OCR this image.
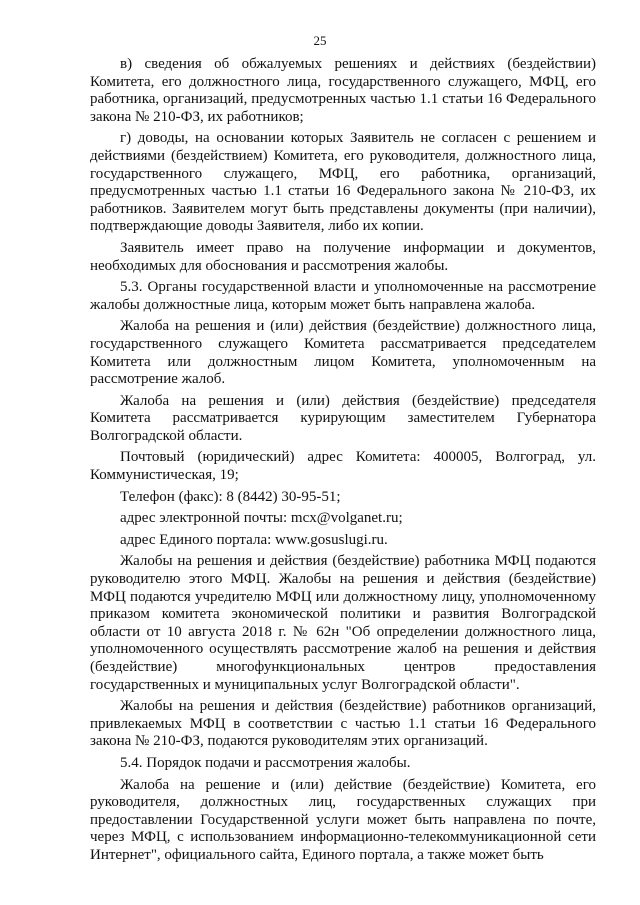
25

в) сведения об обжалуемых решениях и действиях (бездействии) Комитета, его должностного лица, государственного служащего, МФЦ, его работника, организаций, предусмотренных частью 1.1 статьи 16 Федерального закона № 210-ФЗ, их работников;

г) доводы, на основании которых Заявитель не согласен с решением и действиями (бездействием) Комитета, его руководителя, должностного лица, государственного служащего, МФЦ, его работника, организаций, предусмотренных частью 1.1 статьи 16 Федерального закона № 210-ФЗ, их работников. Заявителем могут быть представлены документы (при наличии), подтверждающие доводы Заявителя, либо их копии.

Заявитель имеет право на получение информации и документов, необходимых для обоснования и рассмотрения жалобы.

5.3. Органы государственной власти и уполномоченные на рассмотрение жалобы должностные лица, которым может быть направлена жалоба.

Жалоба на решения и (или) действия (бездействие) должностного лица, государственного служащего Комитета рассматривается председателем Комитета или должностным лицом Комитета, уполномоченным на рассмотрение жалоб.

Жалоба на решения и (или) действия (бездействие) председателя Комитета рассматривается курирующим заместителем Губернатора Волгоградской области.

Почтовый (юридический) адрес Комитета: 400005, Волгоград, ул. Коммунистическая, 19;

Телефон (факс): 8 (8442) 30-95-51;

адрес электронной почты: mcx@volganet.ru;

адрес Единого портала: www.gosuslugi.ru.

Жалобы на решения и действия (бездействие) работника МФЦ подаются руководителю этого МФЦ. Жалобы на решения и действия (бездействие) МФЦ подаются учредителю МФЦ или должностному лицу, уполномоченному приказом комитета экономической политики и развития Волгоградской области от 10 августа 2018 г. № 62н "Об определении должностного лица, уполномоченного осуществлять рассмотрение жалоб на решения и действия (бездействие) многофункциональных центров предоставления государственных и муниципальных услуг Волгоградской области".

Жалобы на решения и действия (бездействие) работников организаций, привлекаемых МФЦ в соответствии с частью 1.1 статьи 16 Федерального закона № 210-ФЗ, подаются руководителям этих организаций.

5.4. Порядок подачи и рассмотрения жалобы.

Жалоба на решение и (или) действие (бездействие) Комитета, его руководителя, должностных лиц, государственных служащих при предоставлении Государственной услуги может быть направлена по почте, через МФЦ, с использованием информационно-телекоммуникационной сети Интернет", официального сайта, Единого портала, а также может быть
